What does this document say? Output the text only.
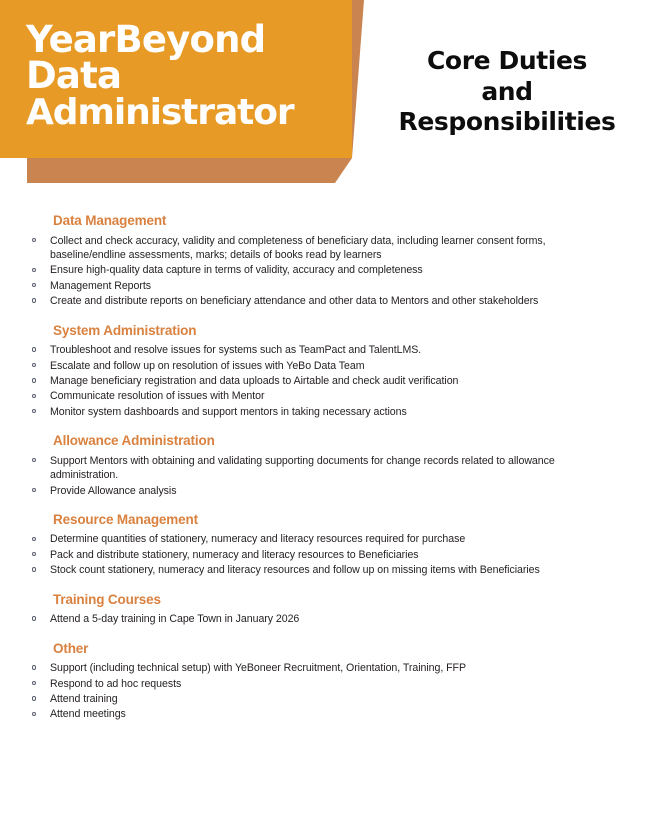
YearBeyond
Data
Administrator
Core Duties
and
Responsibilities
Data Management
Collect and check accuracy, validity and completeness of beneficiary data, including learner consent forms, baseline/endline assessments, marks; details of books read by learners
Ensure high-quality data capture in terms of validity, accuracy and completeness
Management Reports
Create and distribute reports on beneficiary attendance and other data to Mentors and other stakeholders
System Administration
Troubleshoot and resolve issues for systems such as TeamPact and TalentLMS.
Escalate and follow up on resolution of issues with YeBo Data Team
Manage beneficiary registration and data uploads to Airtable and check audit verification
Communicate resolution of issues with Mentor
Monitor system dashboards and support mentors in taking necessary actions
Allowance Administration
Support Mentors with obtaining and validating supporting documents for change records related to allowance administration.
Provide Allowance analysis
Resource Management
Determine quantities of stationery, numeracy and literacy resources required for purchase
Pack and distribute stationery, numeracy and literacy resources to Beneficiaries
Stock count stationery, numeracy and literacy resources and follow up on missing items with Beneficiaries
Training Courses
Attend a 5-day training in Cape Town in January 2026
Other
Support (including technical setup) with YeBoneer Recruitment, Orientation, Training, FFP
Respond to ad hoc requests
Attend training
Attend meetings
